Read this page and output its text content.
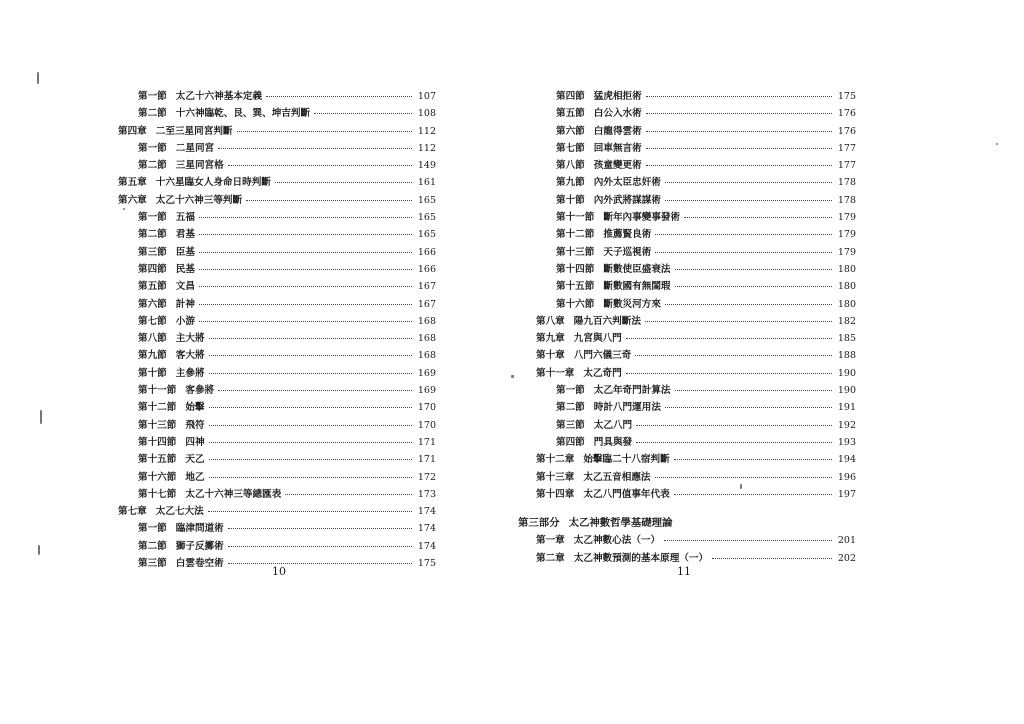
第一節 太乙十六神基本定義	107
第二節 十六神臨乾、艮、巽、坤吉判斷	108
第四章 二至三星同宮判斷	112
第一節 二星同宮	112
第二節 三星同宮格	149
第五章 十六星臨女人身命日時判斷	161
第六章 太乙十六神三等判斷	165
第一節 五福	165
第二節 君基	165
第三節 臣基	166
第四節 民基	166
第五節 文昌	167
第六節 計神	167
第七節 小游	168
第八節 主大將	168
第九節 客大將	168
第十節 主參將	169
第十一節 客參將	169
第十二節 始擊	170
第十三節 飛符	170
第十四節 四神	171
第十五節 天乙	171
第十六節 地乙	172
第十七節 太乙十六神三等總匯表	173
第七章 太乙七大法	174
第一節 臨津問道術	174
第二節 獅子反擲術	174
第三節 白雲卷空術	175
10
第四節 猛虎相拒術	175
第五節 白公入水術	176
第六節 白龍得雲術	176
第七節 回車無言術	177
第八節 孩童變更術	177
第九節 內外太臣忠奸術	178
第十節 內外武將謀謀術	178
第十一節 斷年內事變事發術	179
第十二節 推薦賢良術	179
第十三節 天子巡視術	179
第十四節 斷數使臣盛衰法	180
第十五節 斷數國有無閨瑕	180
第十六節 斷數災河方來	180
第八章 陽九百六判斷法	182
第九章 九宮與八門	185
第十章 八門六儀三奇	188
第十一章 太乙奇門	190
第一節 太乙年奇門計算法	190
第二節 時計八門運用法	191
第三節 太乙八門	192
第四節 門具與發	193
第十二章 始擊臨二十八宿判斷	194
第十三章 太乙五音相應法	196
第十四章 太乙八門值事年代表	197
第三部分 太乙神數哲學基礎理論
第一章 太乙神數心法（一）	201
第二章 太乙神數預測的基本原理（一）	202
11
